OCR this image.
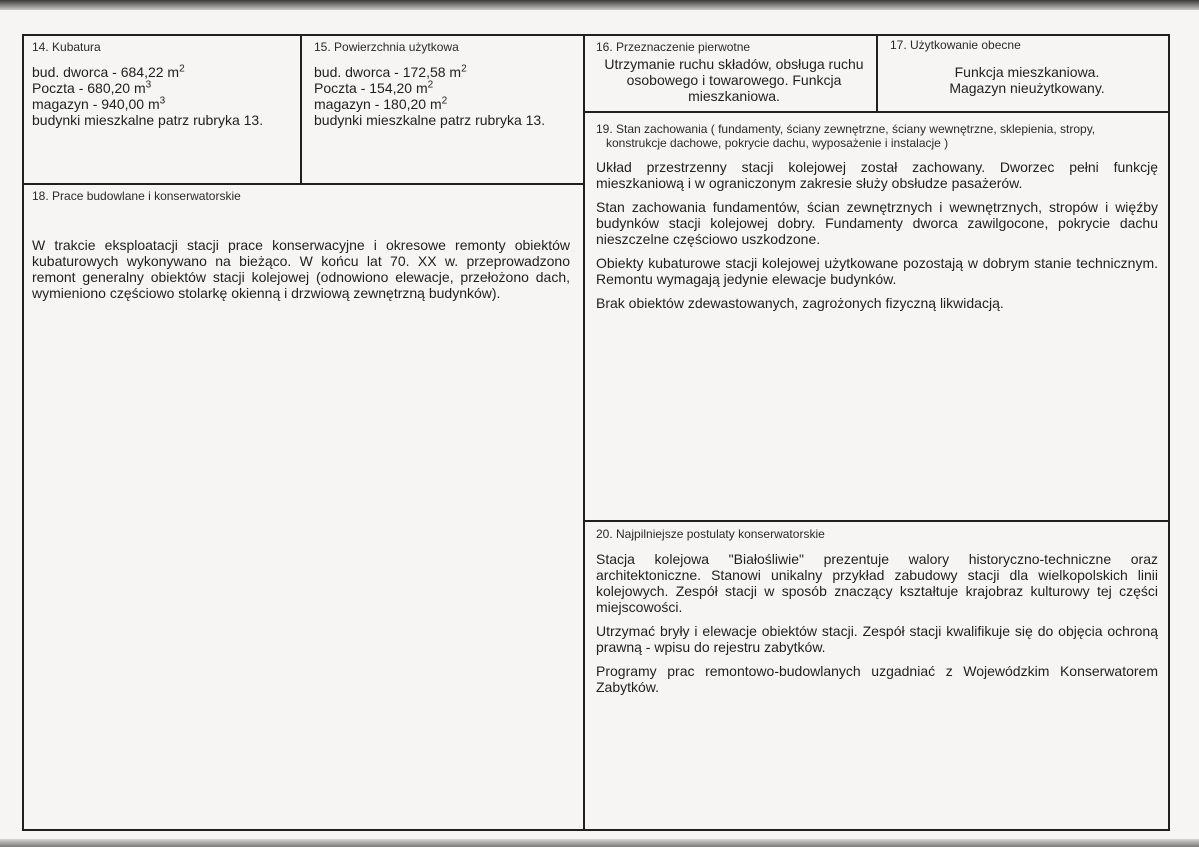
14. Kubatura
bud. dworca - 684,22 $m^2$
Poczta - 680,20 $m^3$
magazyn - 940,00 $m^3$
budynki mieszkalne patrz rubryka 13.
15. Powierzchnia użytkowa
bud. dworca - 172,58 $m^2$
Poczta - 154,20 $m^2$
magazyn - 180,20 $m^2$
budynki mieszkalne patrz rubryka 13.
16. Przeznaczenie pierwotne
Utrzymanie ruchu składów, obsługa ruchu osobowego i towarowego. Funkcja mieszkaniowa.
17. Użytkowanie obecne
Funkcja mieszkaniowa.
Magazyn nieużytkowany.
18. Prace budowlane i konserwatorskie

W trakcie eksploatacji stacji prace konserwacyjne i okresowe remonty obiektów kubaturowych wykonywano na bieżąco. W końcu lat 70. XX w. przeprowadzono remont generalny obiektów stacji kolejowej (odnowiono elewacje, przełożono dach, wymieniono częściowo stolarkę okienną i drzwiową zewnętrzną budynków).

19. Stan zachowania ( fundamenty, ściany zewnętrzne, ściany wewnętrzne, sklepienia, stropy,
konstrukcje dachowe, pokrycie dachu, wyposażenie i instalacje )

Układ przestrzenny stacji kolejowej został zachowany. Dworzec pełni funkcję mieszkaniową i w ograniczonym zakresie służy obsłudze pasażerów.

Stan zachowania fundamentów, ścian zewnętrznych i wewnętrznych, stropów i więźby budynków stacji kolejowej dobry. Fundamenty dworca zawilgocone, pokrycie dachu nieszczelne częściowo uszkodzone.

Obiekty kubaturowe stacji kolejowej użytkowane pozostają w dobrym stanie technicznym. Remontu wymagają jedynie elewacje budynków.

Brak obiektów zdewastowanych, zagrożonych fizyczną likwidacją.

20. Najpilniejsze postulaty konserwatorskie

Stacja kolejowa "Białośliwie" prezentuje walory historyczno-techniczne oraz architektoniczne. Stanowi unikalny przykład zabudowy stacji dla wielkopolskich linii kolejowych. Zespół stacji w sposób znaczący kształtuje krajobraz kulturowy tej części miejscowości.

Utrzymać bryły i elewacje obiektów stacji. Zespół stacji kwalifikuje się do objęcia ochroną prawną - wpisu do rejestru zabytków.

Programy prac remontowo-budowlanych uzgadniać z Wojewódzkim Konserwatorem Zabytków.
